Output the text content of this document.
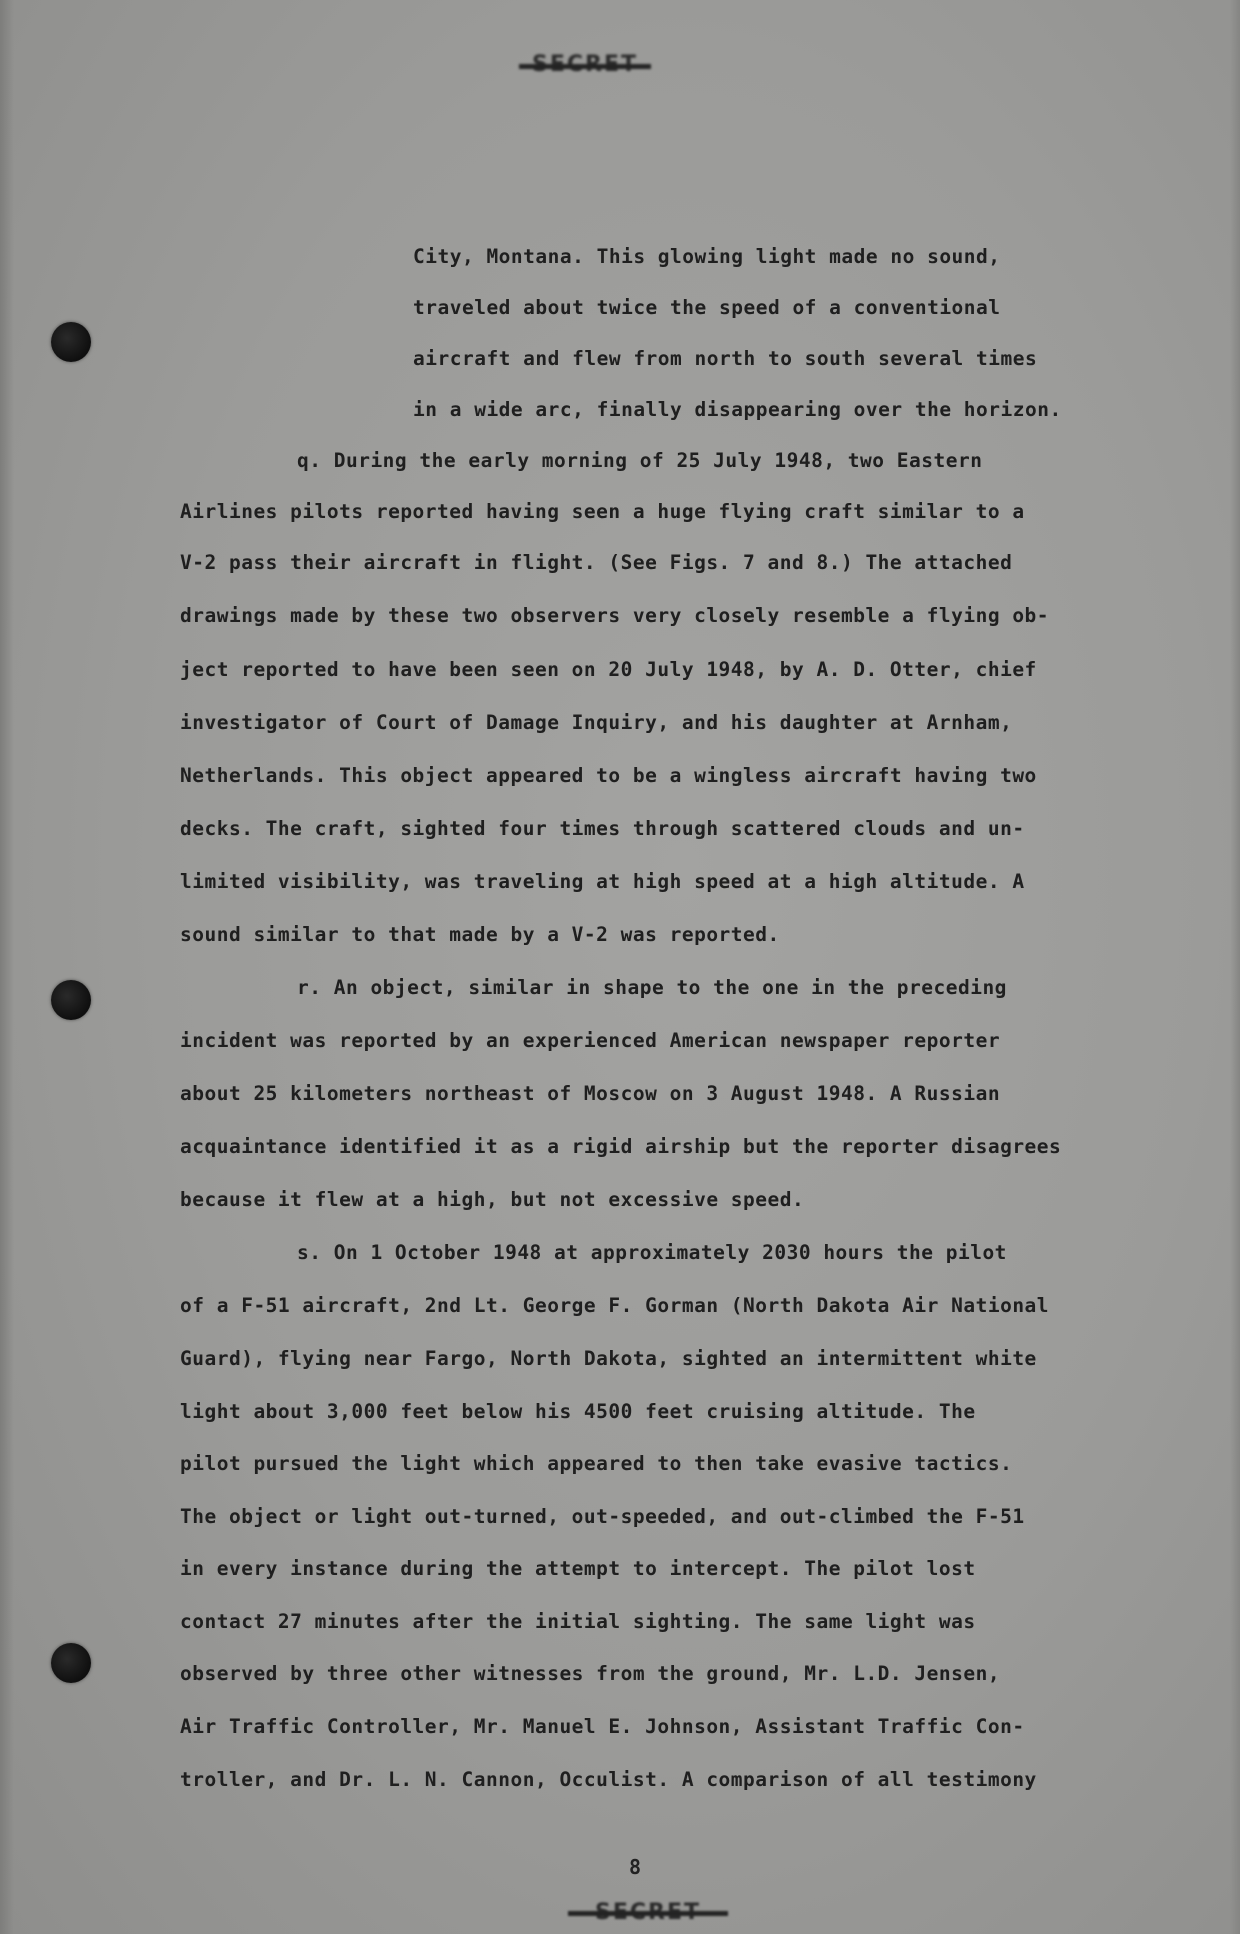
City, Montana. This glowing light made no sound,
traveled about twice the speed of a conventional
aircraft and flew from north to south several times
in a wide arc, finally disappearing over the horizon.
q. During the early morning of 25 July 1948, two Eastern
Airlines pilots reported having seen a huge flying craft similar to a
V-2 pass their aircraft in flight. (See Figs. 7 and 8.) The attached
drawings made by these two observers very closely resemble a flying ob-
ject reported to have been seen on 20 July 1948, by A. D. Otter, chief
investigator of Court of Damage Inquiry, and his daughter at Arnham,
Netherlands. This object appeared to be a wingless aircraft having two
decks. The craft, sighted four times through scattered clouds and un-
limited visibility, was traveling at high speed at a high altitude. A
sound similar to that made by a V-2 was reported.
r. An object, similar in shape to the one in the preceding
incident was reported by an experienced American newspaper reporter
about 25 kilometers northeast of Moscow on 3 August 1948. A Russian
acquaintance identified it as a rigid airship but the reporter disagrees
because it flew at a high, but not excessive speed.
s. On 1 October 1948 at approximately 2030 hours the pilot
of a F-51 aircraft, 2nd Lt. George F. Gorman (North Dakota Air National
Guard), flying near Fargo, North Dakota, sighted an intermittent white
light about 3,000 feet below his 4500 feet cruising altitude. The
pilot pursued the light which appeared to then take evasive tactics.
The object or light out-turned, out-speeded, and out-climbed the F-51
in every instance during the attempt to intercept. The pilot lost
contact 27 minutes after the initial sighting. The same light was
observed by three other witnesses from the ground, Mr. L.D. Jensen,
Air Traffic Controller, Mr. Manuel E. Johnson, Assistant Traffic Con-
troller, and Dr. L. N. Cannon, Occulist. A comparison of all testimony
8
